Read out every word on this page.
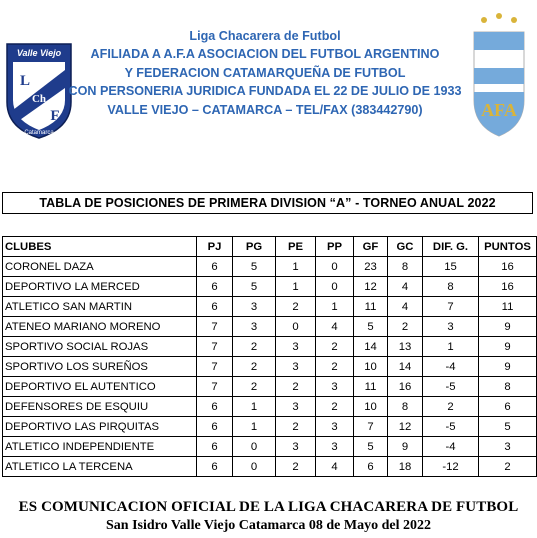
Valle Viejo
L
Ch
F
Catamarca
Liga Chacarera de Futbol
AFILIADA A A.F.A ASOCIACION DEL FUTBOL ARGENTINO
Y FEDERACION CATAMARQUEÑA DE FUTBOL
CON PERSONERIA JURIDICA FUNDADA EL 22 DE JULIO DE 1933
VALLE VIEJO – CATAMARCA – TEL/FAX (383442790)	AFA
TABLA DE POSICIONES DE PRIMERA DIVISION “A” - TORNEO ANUAL 2022
CLUBES	PJ	PG	PE	PP	GF	GC	DIF. G.	PUNTOS
CORONEL DAZA	6	5	1	0	23	8	15	16
DEPORTIVO LA MERCED	6	5	1	0	12	4	8	16
ATLETICO SAN MARTIN	6	3	2	1	11	4	7	11
ATENEO MARIANO MORENO	7	3	0	4	5	2	3	9
SPORTIVO SOCIAL ROJAS	7	2	3	2	14	13	1	9
SPORTIVO LOS SUREÑOS	7	2	3	2	10	14	-4	9
DEPORTIVO EL AUTENTICO	7	2	2	3	11	16	-5	8
DEFENSORES DE ESQUIU	6	1	3	2	10	8	2	6
DEPORTIVO LAS PIRQUITAS	6	1	2	3	7	12	-5	5
ATLETICO INDEPENDIENTE	6	0	3	3	5	9	-4	3
ATLETICO LA TERCENA	6	0	2	4	6	18	-12	2
ES COMUNICACION OFICIAL DE LA LIGA CHACARERA DE FUTBOL
San Isidro Valle Viejo Catamarca 08 de Mayo del 2022
